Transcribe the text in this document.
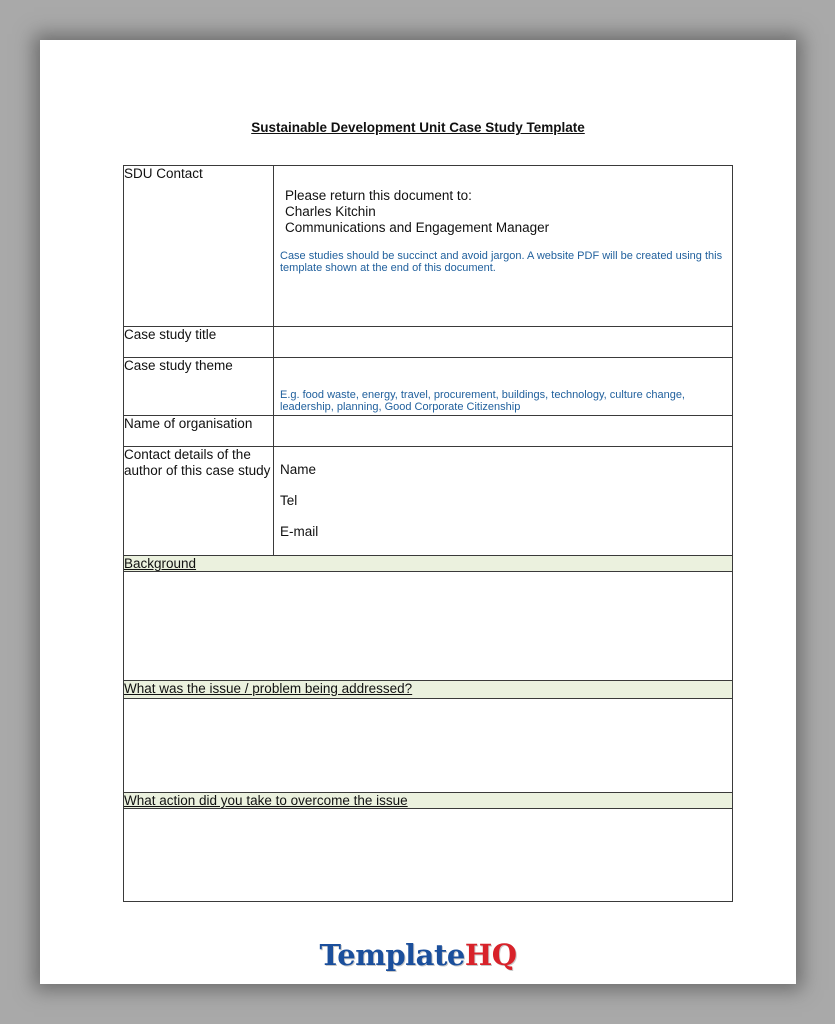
Sustainable Development Unit Case Study Template
SDU Contact	Please return this document to:
Charles Kitchin
Communications and Engagement Manager
Case studies should be succinct and avoid jargon. A website PDF will be created using this template shown at the end of this document.

Case study title	
Case study theme	E.g. food waste, energy, travel, procurement, buildings, technology, culture change, leadership, planning, Good Corporate Citizenship

Name of organisation	
Contact details of the author of this case study	Name
Tel
E-mail

Background	

What was the issue / problem being addressed?	

What action did you take to overcome the issue	

TemplateHQ
